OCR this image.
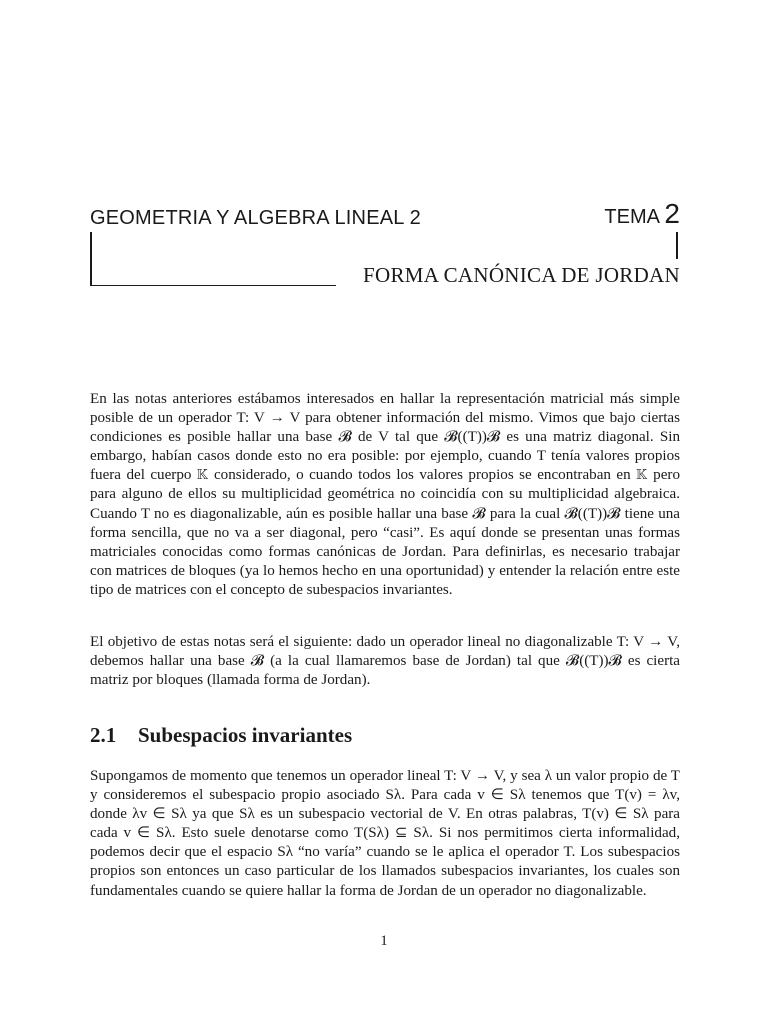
GEOMETRIA Y ALGEBRA LINEAL 2	TEMA 2
FORMA CANÓNICA DE JORDAN
En las notas anteriores estábamos interesados en hallar la representación matricial más simple posible de un operador T: V → V para obtener información del mismo. Vimos que bajo ciertas condiciones es posible hallar una base 𝓑 de V tal que 𝓑((T))𝓑 es una matriz diagonal. Sin embargo, habían casos donde esto no era posible: por ejemplo, cuando T tenía valores propios fuera del cuerpo 𝕂 considerado, o cuando todos los valores propios se encontraban en 𝕂 pero para alguno de ellos su multiplicidad geométrica no coincidía con su multiplicidad algebraica. Cuando T no es diagonalizable, aún es posible hallar una base 𝓑 para la cual 𝓑((T))𝓑 tiene una forma sencilla, que no va a ser diagonal, pero “casi”. Es aquí donde se presentan unas formas matriciales conocidas como formas canónicas de Jordan. Para definirlas, es necesario trabajar con matrices de bloques (ya lo hemos hecho en una oportunidad) y entender la relación entre este tipo de matrices con el concepto de subespacios invariantes.
El objetivo de estas notas será el siguiente: dado un operador lineal no diagonalizable T: V → V, debemos hallar una base 𝓑 (a la cual llamaremos base de Jordan) tal que 𝓑((T))𝓑 es cierta matriz por bloques (llamada forma de Jordan).
2.1 Subespacios invariantes
Supongamos de momento que tenemos un operador lineal T: V → V, y sea λ un valor propio de T y consideremos el subespacio propio asociado Sλ. Para cada v ∈ Sλ tenemos que T(v) = λv, donde λv ∈ Sλ ya que Sλ es un subespacio vectorial de V. En otras palabras, T(v) ∈ Sλ para cada v ∈ Sλ. Esto suele denotarse como T(Sλ) ⊆ Sλ. Si nos permitimos cierta informalidad, podemos decir que el espacio Sλ “no varía” cuando se le aplica el operador T. Los subespacios propios son entonces un caso particular de los llamados subespacios invariantes, los cuales son fundamentales cuando se quiere hallar la forma de Jordan de un operador no diagonalizable.
1
